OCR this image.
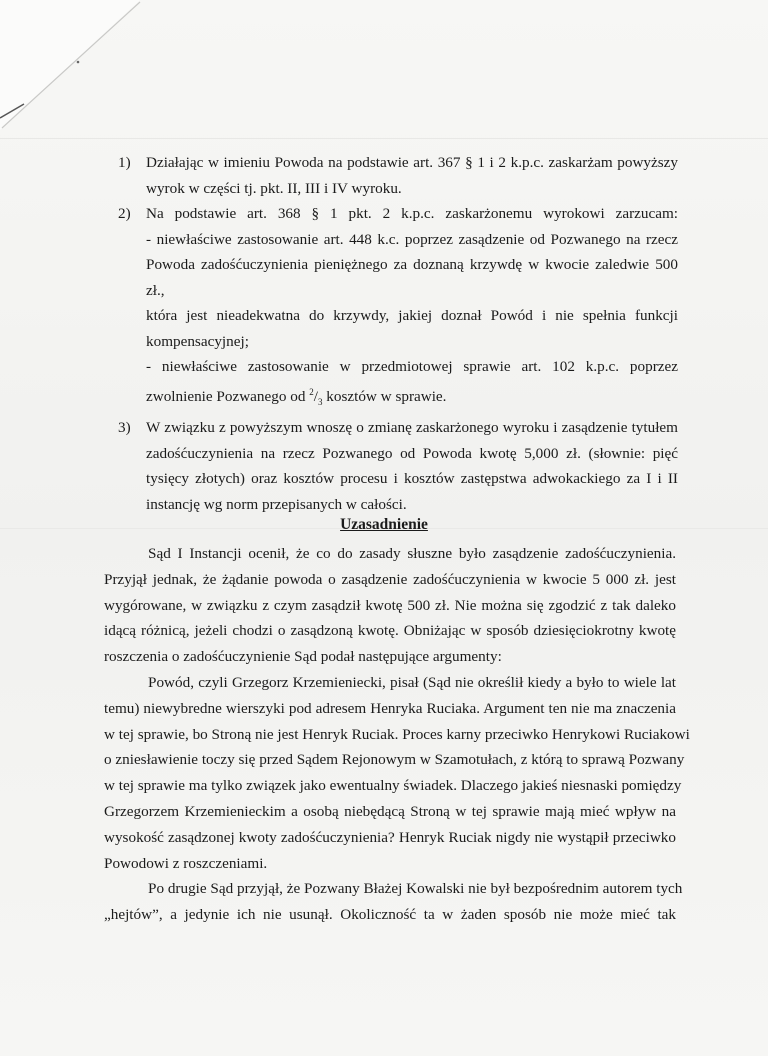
1) Działając w imieniu Powoda na podstawie art. 367 § 1 i 2 k.p.c. zaskarżam powyższy
wyrok w części tj. pkt. II, III i IV wyroku.
2) Na podstawie art. 368 § 1 pkt. 2 k.p.c. zaskarżonemu wyrokowi zarzucam:
- niewłaściwe zastosowanie art. 448 k.c. poprzez zasądzenie od Pozwanego na rzecz
Powoda zadośćuczynienia pieniężnego za doznaną krzywdę w kwocie zaledwie 500 zł.,
która jest nieadekwatna do krzywdy, jakiej doznał Powód i nie spełnia funkcji
kompensacyjnej;
- niewłaściwe zastosowanie w przedmiotowej sprawie art. 102 k.p.c. poprzez
zwolnienie Pozwanego od $^2/_3$ kosztów w sprawie.
3) W związku z powyższym wnoszę o zmianę zaskarżonego wyroku i zasądzenie tytułem
zadośćuczynienia na rzecz Pozwanego od Powoda kwotę 5,000 zł. (słownie: pięć
tysięcy złotych) oraz kosztów procesu i kosztów zastępstwa adwokackiego za I i II
instancję wg norm przepisanych w całości.
Uzasadnienie
Sąd I Instancji ocenił, że co do zasady słuszne było zasądzenie zadośćuczynienia.
Przyjął jednak, że żądanie powoda o zasądzenie zadośćuczynienia w kwocie 5 000 zł. jest
wygórowane, w związku z czym zasądził kwotę 500 zł. Nie można się zgodzić z tak daleko
idącą różnicą, jeżeli chodzi o zasądzoną kwotę. Obniżając w sposób dziesięciokrotny kwotę
roszczenia o zadośćuczynienie Sąd podał następujące argumenty:
Powód, czyli Grzegorz Krzemieniecki, pisał (Sąd nie określił kiedy a było to wiele lat
temu) niewybredne wierszyki pod adresem Henryka Ruciaka. Argument ten nie ma znaczenia
w tej sprawie, bo Stroną nie jest Henryk Ruciak. Proces karny przeciwko Henrykowi Ruciakowi
o zniesławienie toczy się przed Sądem Rejonowym w Szamotułach, z którą to sprawą Pozwany
w tej sprawie ma tylko związek jako ewentualny świadek. Dlaczego jakieś niesnaski pomiędzy
Grzegorzem Krzemienieckim a osobą niebędącą Stroną w tej sprawie mają mieć wpływ na
wysokość zasądzonej kwoty zadośćuczynienia? Henryk Ruciak nigdy nie wystąpił przeciwko
Powodowi z roszczeniami.
Po drugie Sąd przyjął, że Pozwany Błażej Kowalski nie był bezpośrednim autorem tych
„hejtów”, a jedynie ich nie usunął. Okoliczność ta w żaden sposób nie może mieć tak
